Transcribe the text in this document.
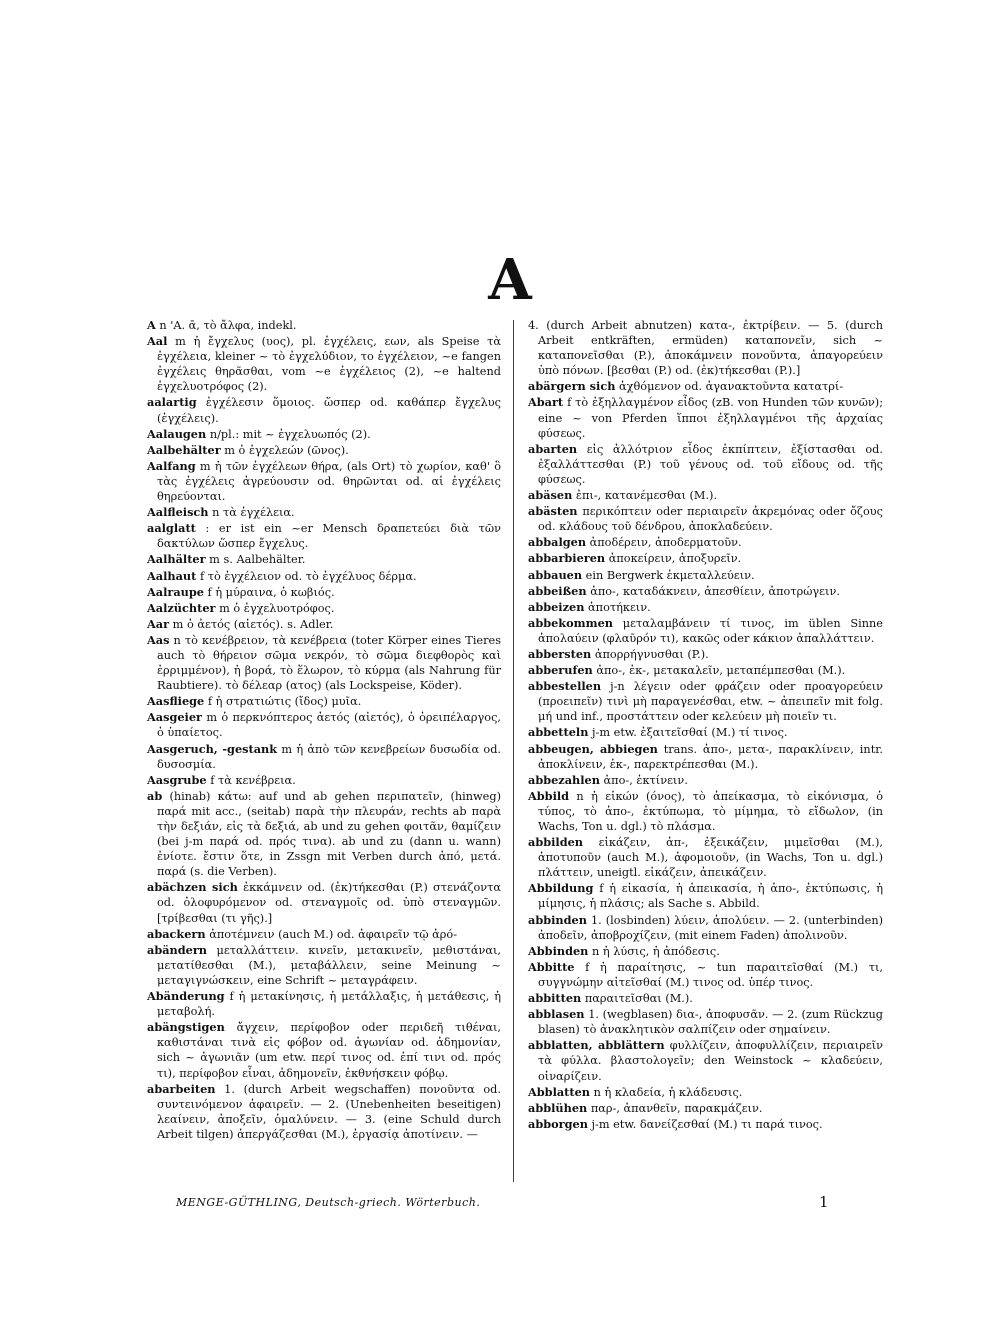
A

A n 'A. ᾱ, τὸ ἄλφα, indekl.

Aal m ἡ ἔγχελυς (υος), pl. ἐγχέλεις, εων, als Speise τὰ ἐγχέλεια, kleiner ~ τὸ ἐγχελύδιον, το ἐγχέλειον, ~e fangen ἐγχέλεις θηρᾶσθαι, vom ~e ἐγχέλειος (2), ~e haltend ἐγχελυοτρόφος (2).

aalartig ἐγχέλεσιν ὅμοιος. ὥσπερ od. καθάπερ ἔγχελυς (ἐγχέλεις).

Aalaugen n/pl.: mit ~ ἐγχελυωπός (2).

Aalbehälter m ὁ ἐγχελεών (ῶνος).

Aalfang m ἡ τῶν ἐγχέλεων θήρα, (als Ort) τὸ χωρίον, καθ' ὃ τὰς ἐγχέλεις ἀγρεύουσιν od. θηρῶνται od. αἱ ἐγχέλεις θηρεύονται.

Aalfleisch n τὰ ἐγχέλεια.

aalglatt : er ist ein ~er Mensch δραπετεύει διὰ τῶν δακτύλων ὥσπερ ἔγχελυς.

Aalhälter m s. Aalbehälter.

Aalhaut f τὸ ἐγχέλειον od. τὸ ἐγχέλυος δέρμα.

Aalraupe f ἡ μύραινα, ὁ κωβιός.

Aalzüchter m ὁ ἐγχελυοτρόφος.

Aar m ὁ ἀετός (αἰετός). s. Adler.

Aas n τὸ κενέβρειον, τὰ κενέβρεια (toter Körper eines Tieres auch τὸ θήρειον σῶμα νεκρόν, τὸ σῶμα διεφθορὸς καὶ ἐρριμμένον), ἡ βορά, τὸ ἕλωρον, τὸ κύρμα (als Nahrung für Raubtiere). τὸ δέλεαρ (ατος) (als Lockspeise, Köder).

Aasfliege f ἡ στρατιώτις (ἴδος) μυῖα.

Aasgeier m ὁ περκνόπτερος ἀετός (αἰετός), ὁ ὀρειπέλαργος, ὁ ὑπαίετος.

Aasgeruch, -gestank m ἡ ἀπὸ τῶν κενεβρείων δυσωδία od. δυσοσμία.

Aasgrube f τὰ κενέβρεια.

ab (hinab) κάτω: auf und ab gehen περιπατεῖν, (hinweg) παρά mit acc., (seitab) παρὰ τὴν πλευράν, rechts ab παρὰ τὴν δεξιάν, εἰς τὰ δεξιά, ab und zu gehen φοιτᾶν, θαμίζειν (bei j-m παρά od. πρός τινα). ab und zu (dann u. wann) ἐνίοτε. ἔστιν ὅτε, in Zssgn mit Verben durch ἀπό, μετά. παρά (s. die Verben).

abächzen sich ἐκκάμνειν od. (ἐκ)τήκεσθαι (P.) στενάζοντα od. ὀλοφυρόμενον od. στεναγμοῖς od. ὑπὸ στεναγμῶν. [τρίβεσθαι (τι γῆς).]

abackern ἀποτέμνειν (auch M.) od. ἀφαιρεῖν τῷ ἀρό-

abändern μεταλλάττειν. κινεῖν, μετακινεῖν, μεθιστάναι, μετατίθεσθαι (M.), μεταβάλλειν, seine Meinung ~ μεταγιγνώσκειν, eine Schrift ~ μεταγράφειν.

Abänderung f ἡ μετακίνησις, ἡ μετάλλαξις, ἡ μετάθεσις, ἡ μεταβολή.

abängstigen ἄγχειν, περίφοβον oder περιδεῆ τιθέναι, καθιστάναι τινὰ εἰς φόβον od. ἀγωνίαν od. ἀδημονίαν, sich ~ ἀγωνιᾶν (um etw. περί τινος od. ἐπί τινι od. πρός τι), περίφοβον εἶναι, ἀδημονεῖν, ἐκθνήσκειν φόβῳ.

abarbeiten 1. (durch Arbeit wegschaffen) πονοῦντα od. συντεινόμενον ἀφαιρεῖν. — 2. (Unebenheiten beseitigen) λεαίνειν, ἀποξεῖν, ὁμαλύνειν. — 3. (eine Schuld durch Arbeit tilgen) ἀπεργάζεσθαι (M.), ἐργασίᾳ ἀποτίνειν. —

4. (durch Arbeit abnutzen) κατα-, ἐκτρίβειν. — 5. (durch Arbeit entkräften, ermüden) καταπονεῖν, sich ~ καταπονεῖσθαι (P.), ἀποκάμνειν πονοῦντα, ἀπαγορεύειν ὑπὸ πόνων. [βεσθαι (P.) od. (ἐκ)τήκεσθαι (P.).]

abärgern sich ἀχθόμενον od. ἀγανακτοῦντα κατατρί-

Abart f τὸ ἐξηλλαγμένον εἶδος (zB. von Hunden τῶν κυνῶν); eine ~ von Pferden ἵπποι ἐξηλλαγμένοι τῆς ἀρχαίας φύσεως.

abarten εἰς ἀλλότριον εἶδος ἐκπίπτειν, ἐξίστασθαι od. ἐξαλλάττεσθαι (P.) τοῦ γένους od. τοῦ εἴδους od. τῆς φύσεως.

abäsen ἐπι-, κατανέμεσθαι (M.).

abästen περικόπτειν oder περιαιρεῖν ἀκρεμόνας oder ὄζους od. κλάδους τοῦ δένδρου, ἀποκλαδεύειν.

abbalgen ἀποδέρειν, ἀποδερματοῦν.

abbarbieren ἀποκείρειν, ἀποξυρεῖν.

abbauen ein Bergwerk ἐκμεταλλεύειν.

abbeißen ἀπο-, καταδάκνειν, ἀπεσθίειν, ἀποτρώγειν.

abbeizen ἀποτήκειν.

abbekommen μεταλαμβάνειν τί τινος, im üblen Sinne ἀπολαύειν (φλαῦρόν τι), κακῶς oder κάκιον ἀπαλλάττειν.

abbersten ἀπορρήγνυσθαι (P.).

abberufen ἀπο-, ἐκ-, μετακαλεῖν, μεταπέμπεσθαι (M.).

abbestellen j-n λέγειν oder φράζειν oder προαγορεύειν (προειπεῖν) τινὶ μὴ παραγενέσθαι, etw. ~ ἀπειπεῖν mit folg. μή und inf., προστάττειν oder κελεύειν μὴ ποιεῖν τι.

abbetteln j-m etw. ἐξαιτεῖσθαί (M.) τί τινος.

abbeugen, abbiegen trans. ἀπο-, μετα-, παρακλίνειν, intr. ἀποκλίνειν, ἐκ-, παρεκτρέπεσθαι (M.).

abbezahlen ἀπο-, ἐκτίνειν.

Abbild n ἡ εἰκών (όνος), τὸ ἀπείκασμα, τὸ εἰκόνισμα, ὁ τύπος, τὸ ἀπο-, ἐκτύπωμα, τὸ μίμημα, τὸ εἴδωλον, (in Wachs, Ton u. dgl.) τὸ πλάσμα.

abbilden εἰκάζειν, ἀπ-, ἐξεικάζειν, μιμεῖσθαι (M.), ἀποτυποῦν (auch M.), ἀφομοιοῦν, (in Wachs, Ton u. dgl.) πλάττειν, uneigtl. εἰκάζειν, ἀπεικάζειν.

Abbildung f ἡ εἰκασία, ἡ ἀπεικασία, ἡ ἀπο-, ἐκτύπωσις, ἡ μίμησις, ἡ πλάσις; als Sache s. Abbild.

abbinden 1. (losbinden) λύειν, ἀπολύειν. — 2. (unterbinden) ἀποδεῖν, ἀποβροχίζειν, (mit einem Faden) ἀπολινοῦν.

Abbinden n ἡ λύσις, ἡ ἀπόδεσις.

Abbitte f ἡ παραίτησις, ~ tun παραιτεῖσθαί (M.) τι, συγγνώμην αἰτεῖσθαί (M.) τινος od. ὑπέρ τινος.

abbitten παραιτεῖσθαι (M.).

abblasen 1. (wegblasen) δια-, ἀποφυσᾶν. — 2. (zum Rückzug blasen) τὸ ἀνακλητικὸν σαλπίζειν oder σημαίνειν.

abblatten, abblättern φυλλίζειν, ἀποφυλλίζειν, περιαιρεῖν τὰ φύλλα. βλαστολογεῖν; den Weinstock ~ κλαδεύειν, οἰναρίζειν.

Abblatten n ἡ κλαδεία, ἡ κλάδευσις.

abblühen παρ-, ἀπανθεῖν, παρακμάζειν.

abborgen j-m etw. δανείζεσθαί (M.) τι παρά τινος.

MENGE-GÜTHLING, Deutsch-griech. Wörterbuch.	1
